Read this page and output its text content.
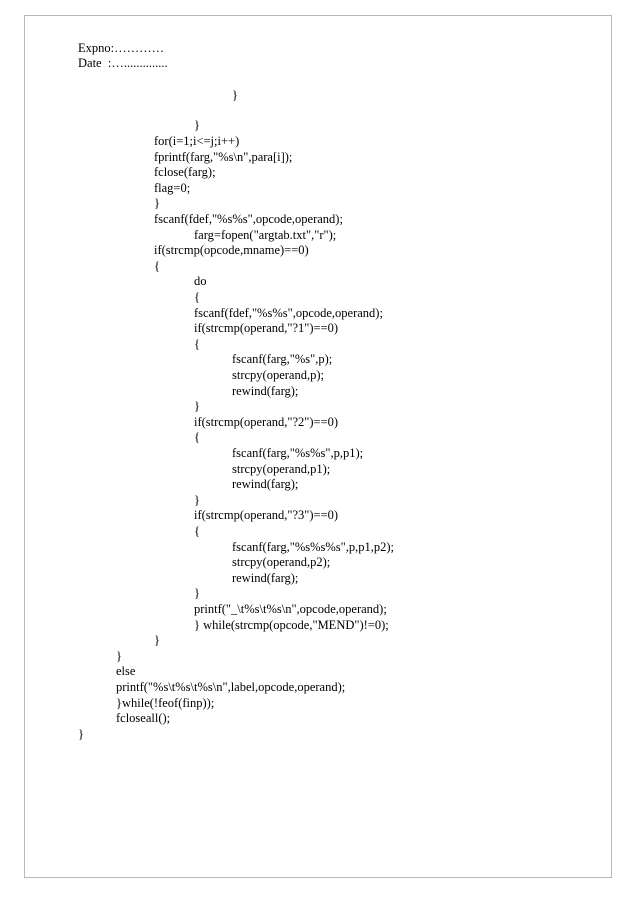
Expno:…………

Date  :…..............

}
}
for(i=1;i<=j;i++)
fprintf(farg,"%s\n",para[i]);
fclose(farg);
flag=0;
}
fscanf(fdef,"%s%s",opcode,operand);
farg=fopen("argtab.txt","r");
if(strcmp(opcode,mname)==0)
{
do
{
fscanf(fdef,"%s%s",opcode,operand);
if(strcmp(operand,"?1")==0)
{
fscanf(farg,"%s",p);
strcpy(operand,p);
rewind(farg);
}
if(strcmp(operand,"?2")==0)
{
fscanf(farg,"%s%s",p,p1);
strcpy(operand,p1);
rewind(farg);
}
if(strcmp(operand,"?3")==0)
{
fscanf(farg,"%s%s%s",p,p1,p2);
strcpy(operand,p2);
rewind(farg);
}
printf("_\t%s\t%s\n",opcode,operand);
} while(strcmp(opcode,"MEND")!=0);
}
}
else
printf("%s\t%s\t%s\n",label,opcode,operand);
}while(!feof(finp));
fcloseall();
}
